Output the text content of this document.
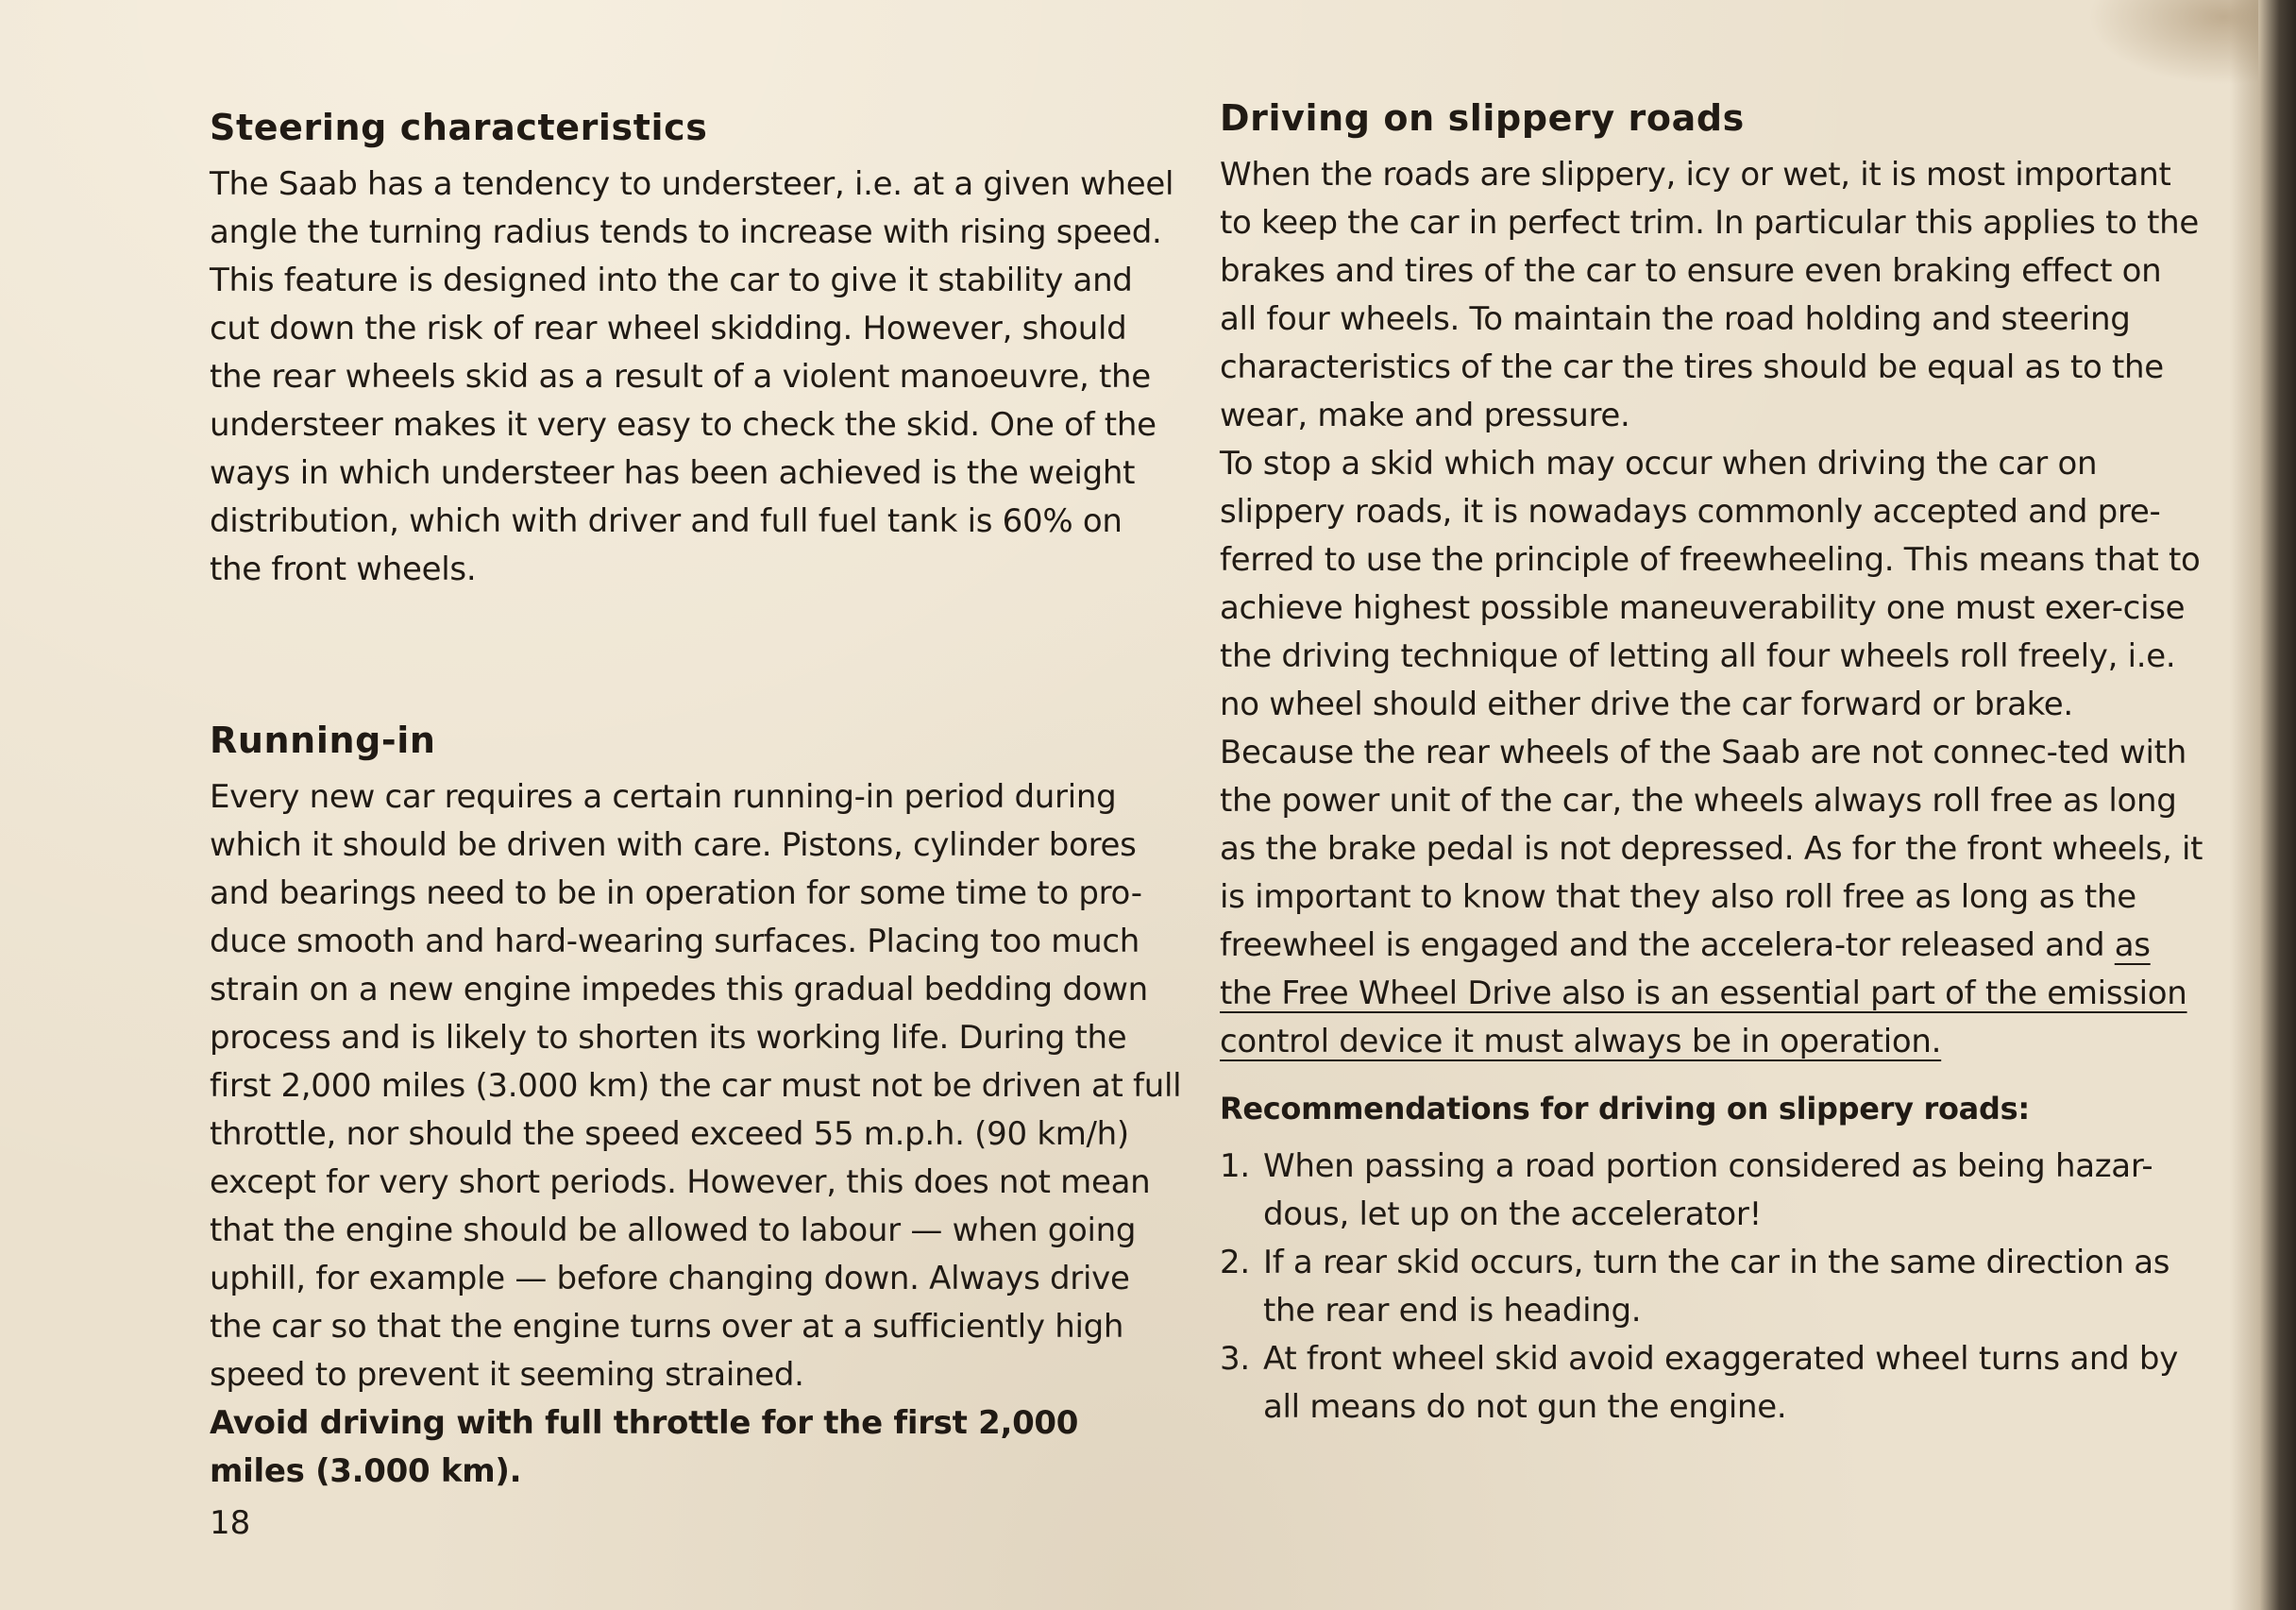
Steering characteristics

The Saab has a tendency to understeer, i.e. at a given wheel angle the turning radius tends to increase with rising speed. This feature is designed into the car to give it stability and cut down the risk of rear wheel skidding. However, should the rear wheels skid as a result of a violent manoeuvre, the understeer makes it very easy to check the skid. One of the ways in which understeer has been achieved is the weight distribution, which with driver and full fuel tank is 60% on the front wheels.

Running-in

Every new car requires a certain running-in period during which it should be driven with care. Pistons, cylinder bores and bearings need to be in operation for some time to pro-duce smooth and hard-wearing surfaces. Placing too much strain on a new engine impedes this gradual bedding down process and is likely to shorten its working life. During the first 2,000 miles (3.000 km) the car must not be driven at full throttle, nor should the speed exceed 55 m.p.h. (90 km/h) except for very short periods. However, this does not mean that the engine should be allowed to labour — when going uphill, for example — before changing down. Always drive the car so that the engine turns over at a sufficiently high speed to prevent it seeming strained.

Avoid driving with full throttle for the first 2,000 miles (3.000 km).

Driving on slippery roads

When the roads are slippery, icy or wet, it is most important to keep the car in perfect trim. In particular this applies to the brakes and tires of the car to ensure even braking effect on all four wheels. To maintain the road holding and steering characteristics of the car the tires should be equal as to the wear, make and pressure.

To stop a skid which may occur when driving the car on slippery roads, it is nowadays commonly accepted and pre-ferred to use the principle of freewheeling. This means that to achieve highest possible maneuverability one must exer-cise the driving technique of letting all four wheels roll freely, i.e. no wheel should either drive the car forward or brake. Because the rear wheels of the Saab are not connec-ted with the power unit of the car, the wheels always roll free as long as the brake pedal is not depressed. As for the front wheels, it is important to know that they also roll free as long as the freewheel is engaged and the accelera-tor released and as the Free Wheel Drive also is an essential part of the emission control device it must always be in operation.

Recommendations for driving on slippery roads:
1. When passing a road portion considered as being hazar-dous, let up on the accelerator!
2. If a rear skid occurs, turn the car in the same direction as the rear end is heading.
3. At front wheel skid avoid exaggerated wheel turns and by all means do not gun the engine.
18
